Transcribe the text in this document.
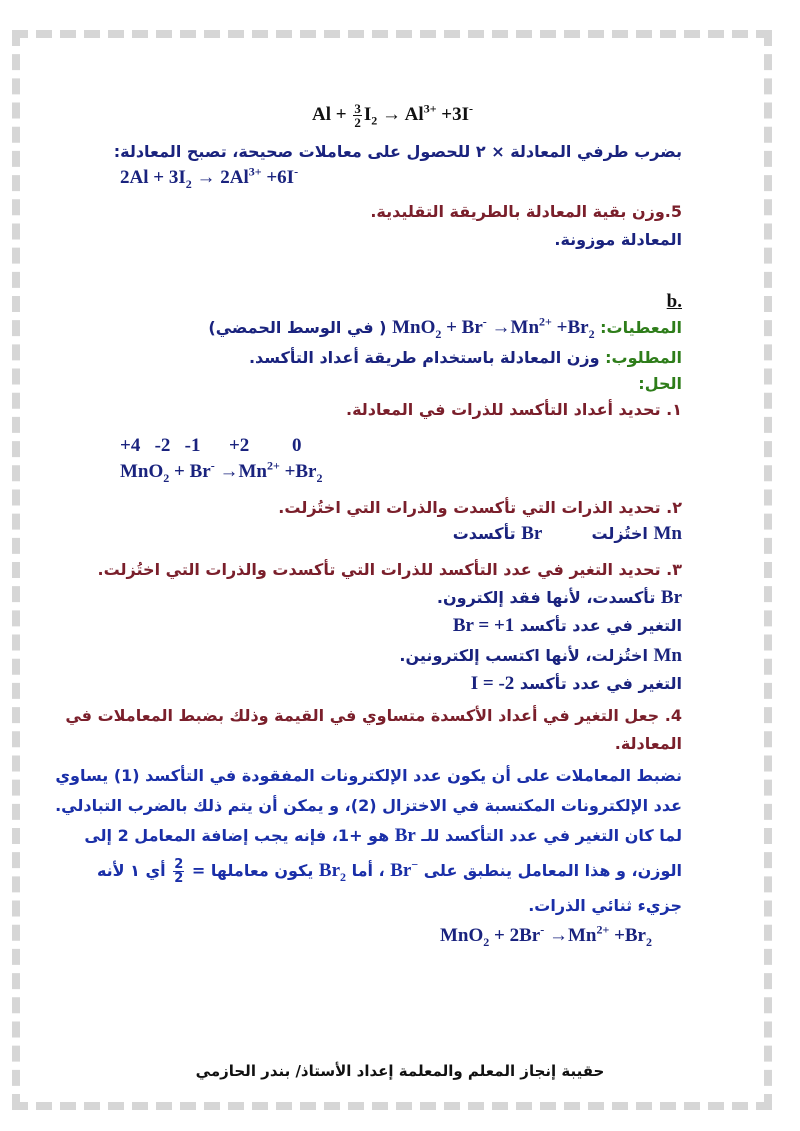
$Al + \frac{3}{2} I_2 \to Al^{3+} +3I^-$
بضرب طرفي المعادلة × ٢ للحصول على معاملات صحيحة، تصبح المعادلة:
$2Al + 3I_2 \to 2Al^{3+} +6I^-$
5.وزن بقية المعادلة بالطريقة التقليدية.
المعادلة موزونة.
.b
المعطيات: $MnO_2 + Br^- \to Mn^{2+} +Br_2$ ( في الوسط الحمضي)
المطلوب: وزن المعادلة باستخدام طريقة أعداد التأكسد.
الحل:
١. تحديد أعداد التأكسد للذرات في المعادلة.
+4   -2   -1      +2         0
$MnO_2 + Br^- \to Mn^{2+} +Br_2$
٢. تحديد الذرات التي تأكسدت والذرات التي اختُزلت.
Mn اختُزلت  Br تأكسدت
٣. تحديد التغير في عدد التأكسد للذرات التي تأكسدت والذرات التي اختُزلت.
Br تأكسدت، لأنها فقد إلكترون.
التغير في عدد تأكسد Br = +1
Mn اختُزلت، لأنها اكتسب إلكترونين.
التغير في عدد تأكسد I = -2
4. جعل التغير في أعداد الأكسدة متساوي في القيمة وذلك بضبط المعاملات في
المعادلة.
نضبط المعاملات على أن يكون عدد الإلكترونات المفقودة في التأكسد (1) يساوي
عدد الإلكترونات المكتسبة في الاختزال (2)، و يمكن أن يتم ذلك بالضرب التبادلي.
لما كان التغير في عدد التأكسد للـ Br هو +1، فإنه يجب إضافة المعامل 2 إلى
الوزن، و هذا المعامل ينطبق على Br− ، أما $Br_2$ يكون معاملها =
$\frac{2}{2}$
أي ١ لأنه
جزيء ثنائي الذرات.
$MnO_2 + 2Br^- \to Mn^{2+} +Br_2$
حقيبة إنجاز المعلم والمعلمة إعداد الأستاذ/ بندر الحازمي
